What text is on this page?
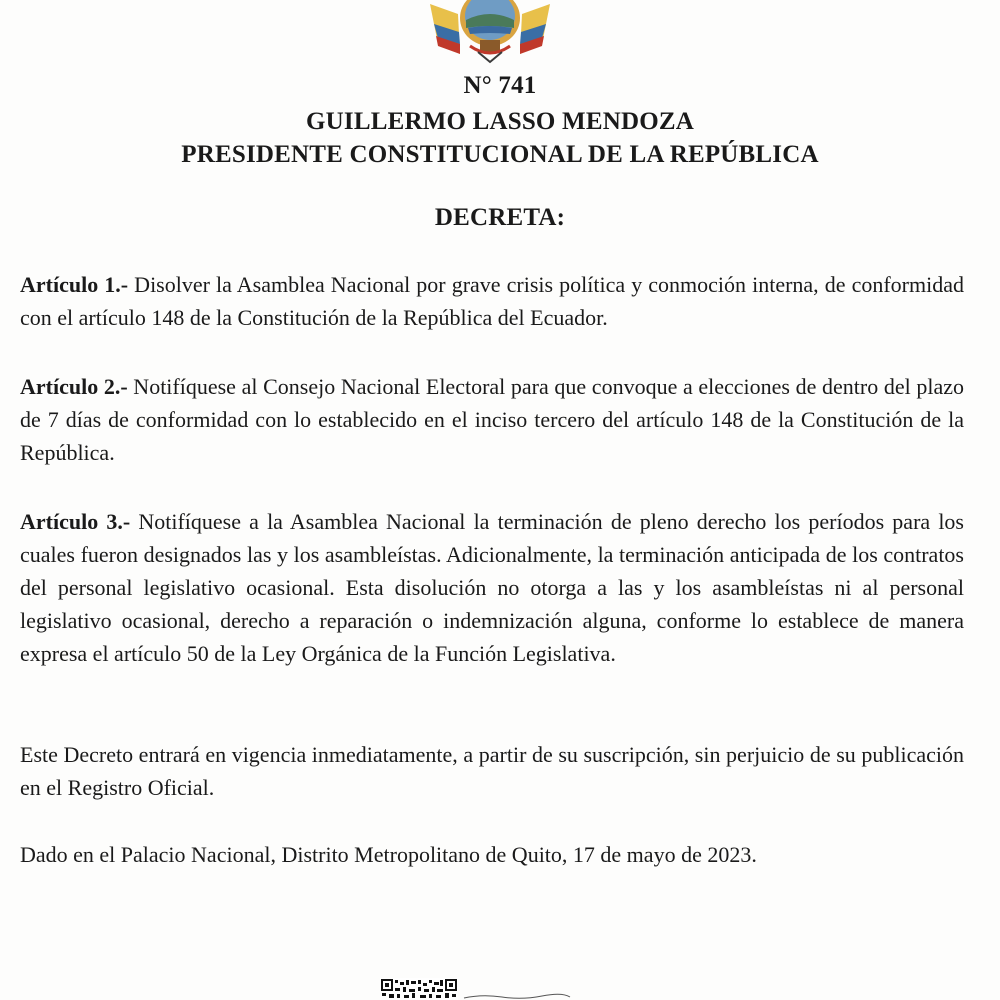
N° 741
GUILLERMO LASSO MENDOZA
PRESIDENTE CONSTITUCIONAL DE LA REPÚBLICA
DECRETA:
Artículo 1.- Disolver la Asamblea Nacional por grave crisis política y conmoción interna, de conformidad con el artículo 148 de la Constitución de la República del Ecuador.
Artículo 2.- Notifíquese al Consejo Nacional Electoral para que convoque a elecciones de dentro del plazo de 7 días de conformidad con lo establecido en el inciso tercero del artículo 148 de la Constitución de la República.
Artículo 3.- Notifíquese a la Asamblea Nacional la terminación de pleno derecho los períodos para los cuales fueron designados las y los asambleístas. Adicionalmente, la terminación anticipada de los contratos del personal legislativo ocasional. Esta disolución no otorga a las y los asambleístas ni al personal legislativo ocasional, derecho a reparación o indemnización alguna, conforme lo establece de manera expresa el artículo 50 de la Ley Orgánica de la Función Legislativa.
Este Decreto entrará en vigencia inmediatamente, a partir de su suscripción, sin perjuicio de su publicación en el Registro Oficial.
Dado en el Palacio Nacional, Distrito Metropolitano de Quito, 17 de mayo de 2023.
